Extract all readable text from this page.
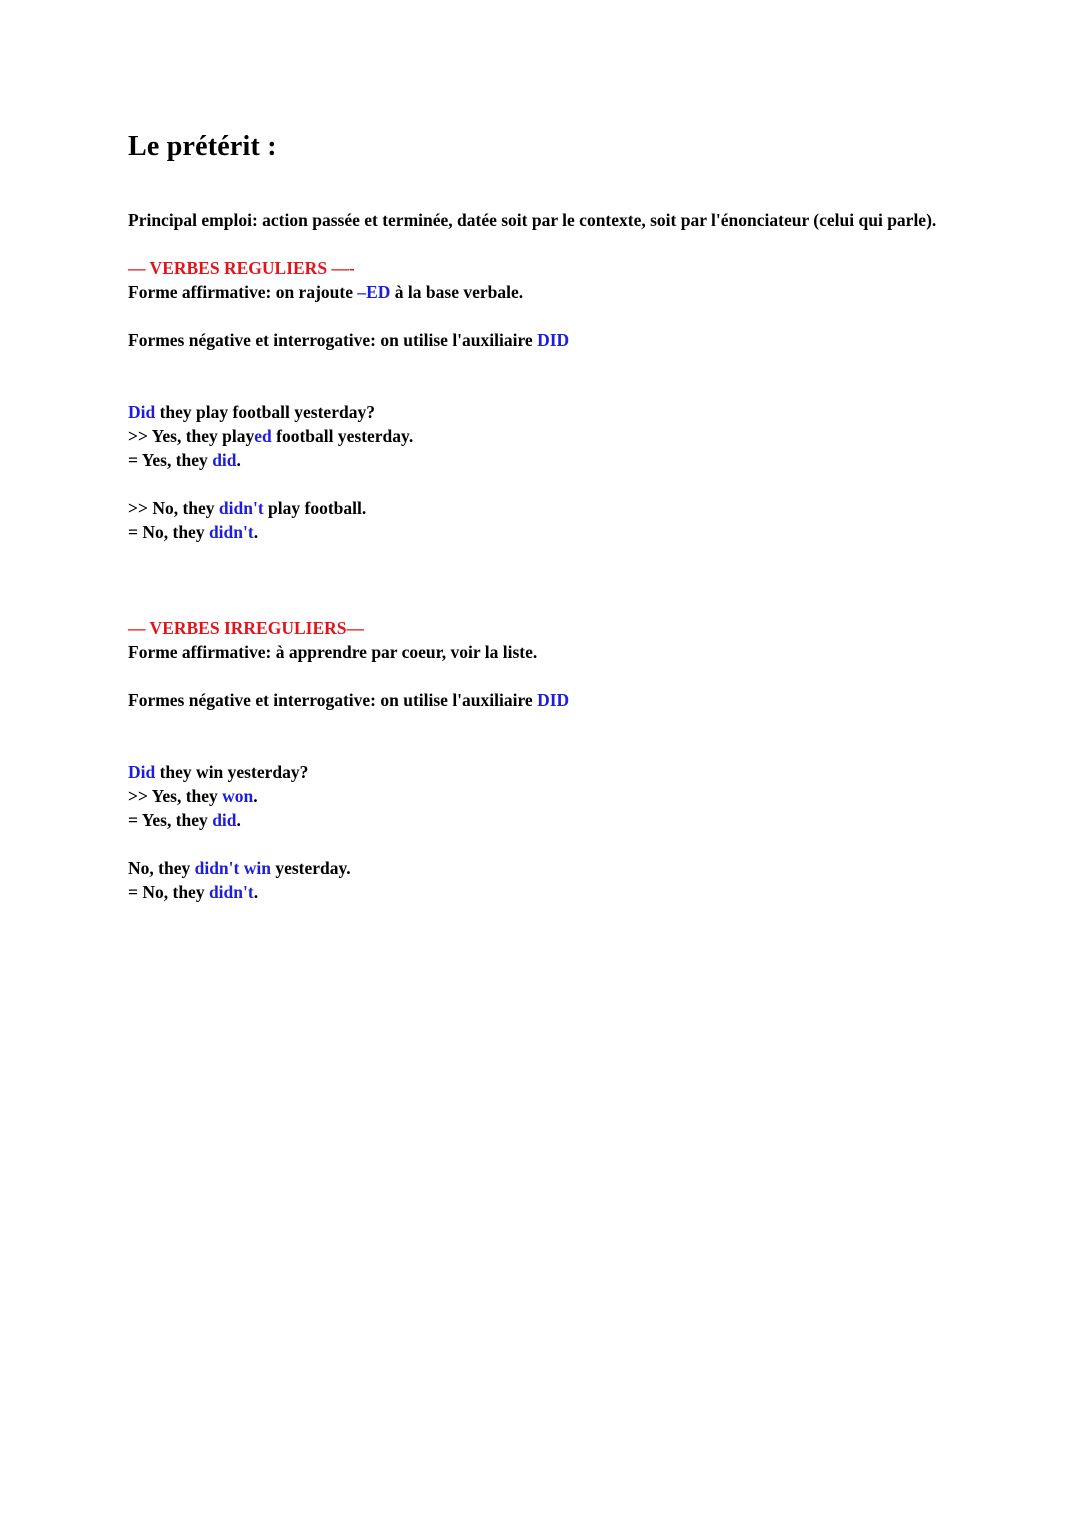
Le prétérit :
Principal emploi: action passée et terminée, datée soit par le contexte, soit par l'énonciateur (celui qui parle).
— VERBES REGULIERS —-
Forme affirmative: on rajoute –ED à la base verbale.
Formes négative et interrogative: on utilise l'auxiliaire DID
Did they play football yesterday?
>> Yes, they played football yesterday.
= Yes, they did.
>> No, they didn't play football.
= No, they didn't.
— VERBES IRREGULIERS—
Forme affirmative: à apprendre par coeur, voir la liste.
Formes négative et interrogative: on utilise l'auxiliaire DID
Did they win yesterday?
>> Yes, they won.
= Yes, they did.
No, they didn't win yesterday.
= No, they didn't.
